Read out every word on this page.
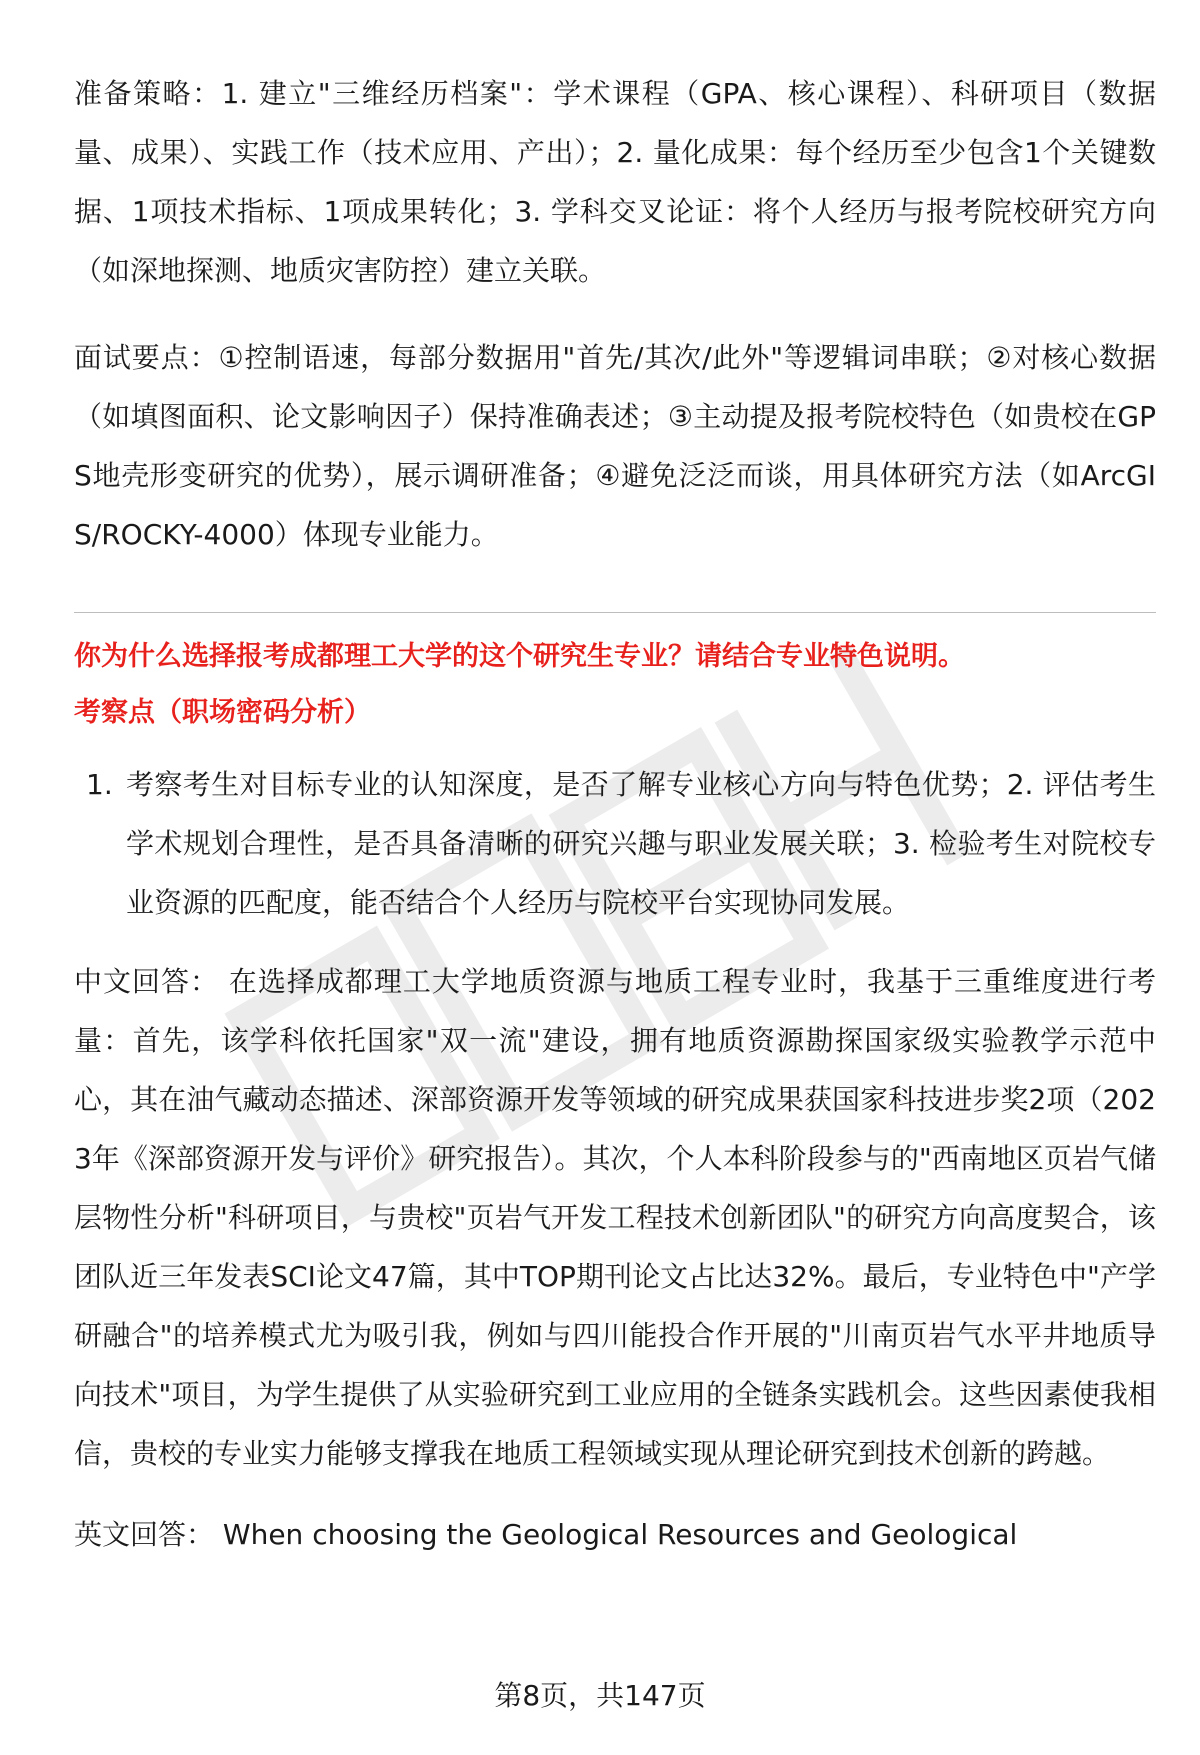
准备策略：1. 建立"三维经历档案"：学术课程（GPA、核心课程）、科研项目（数据量、成果）、实践工作（技术应用、产出）；2. 量化成果：每个经历至少包含1个关键数据、1项技术指标、1项成果转化；3. 学科交叉论证：将个人经历与报考院校研究方向（如深地探测、地质灾害防控）建立关联。

面试要点：①控制语速，每部分数据用"首先/其次/此外"等逻辑词串联；②对核心数据（如填图面积、论文影响因子）保持准确表述；③主动提及报考院校特色（如贵校在GPS地壳形变研究的优势），展示调研准备；④避免泛泛而谈，用具体研究方法（如ArcGIS/ROCKY-4000）体现专业能力。

你为什么选择报考成都理工大学的这个研究生专业？请结合专业特色说明。

考察点（职场密码分析）

1. 考察考生对目标专业的认知深度，是否了解专业核心方向与特色优势；2. 评估考生学术规划合理性，是否具备清晰的研究兴趣与职业发展关联；3. 检验考生对院校专业资源的匹配度，能否结合个人经历与院校平台实现协同发展。

中文回答： 在选择成都理工大学地质资源与地质工程专业时，我基于三重维度进行考量：首先，该学科依托国家"双一流"建设，拥有地质资源勘探国家级实验教学示范中心，其在油气藏动态描述、深部资源开发等领域的研究成果获国家科技进步奖2项（2023年《深部资源开发与评价》研究报告）。其次，个人本科阶段参与的"西南地区页岩气储层物性分析"科研项目，与贵校"页岩气开发工程技术创新团队"的研究方向高度契合，该团队近三年发表SCI论文47篇，其中TOP期刊论文占比达32%。最后，专业特色中"产学研融合"的培养模式尤为吸引我，例如与四川能投合作开展的"川南页岩气水平井地质导向技术"项目，为学生提供了从实验研究到工业应用的全链条实践机会。这些因素使我相信，贵校的专业实力能够支撑我在地质工程领域实现从理论研究到技术创新的跨越。

英文回答： When choosing the Geological Resources and Geological

第8页，共147页
